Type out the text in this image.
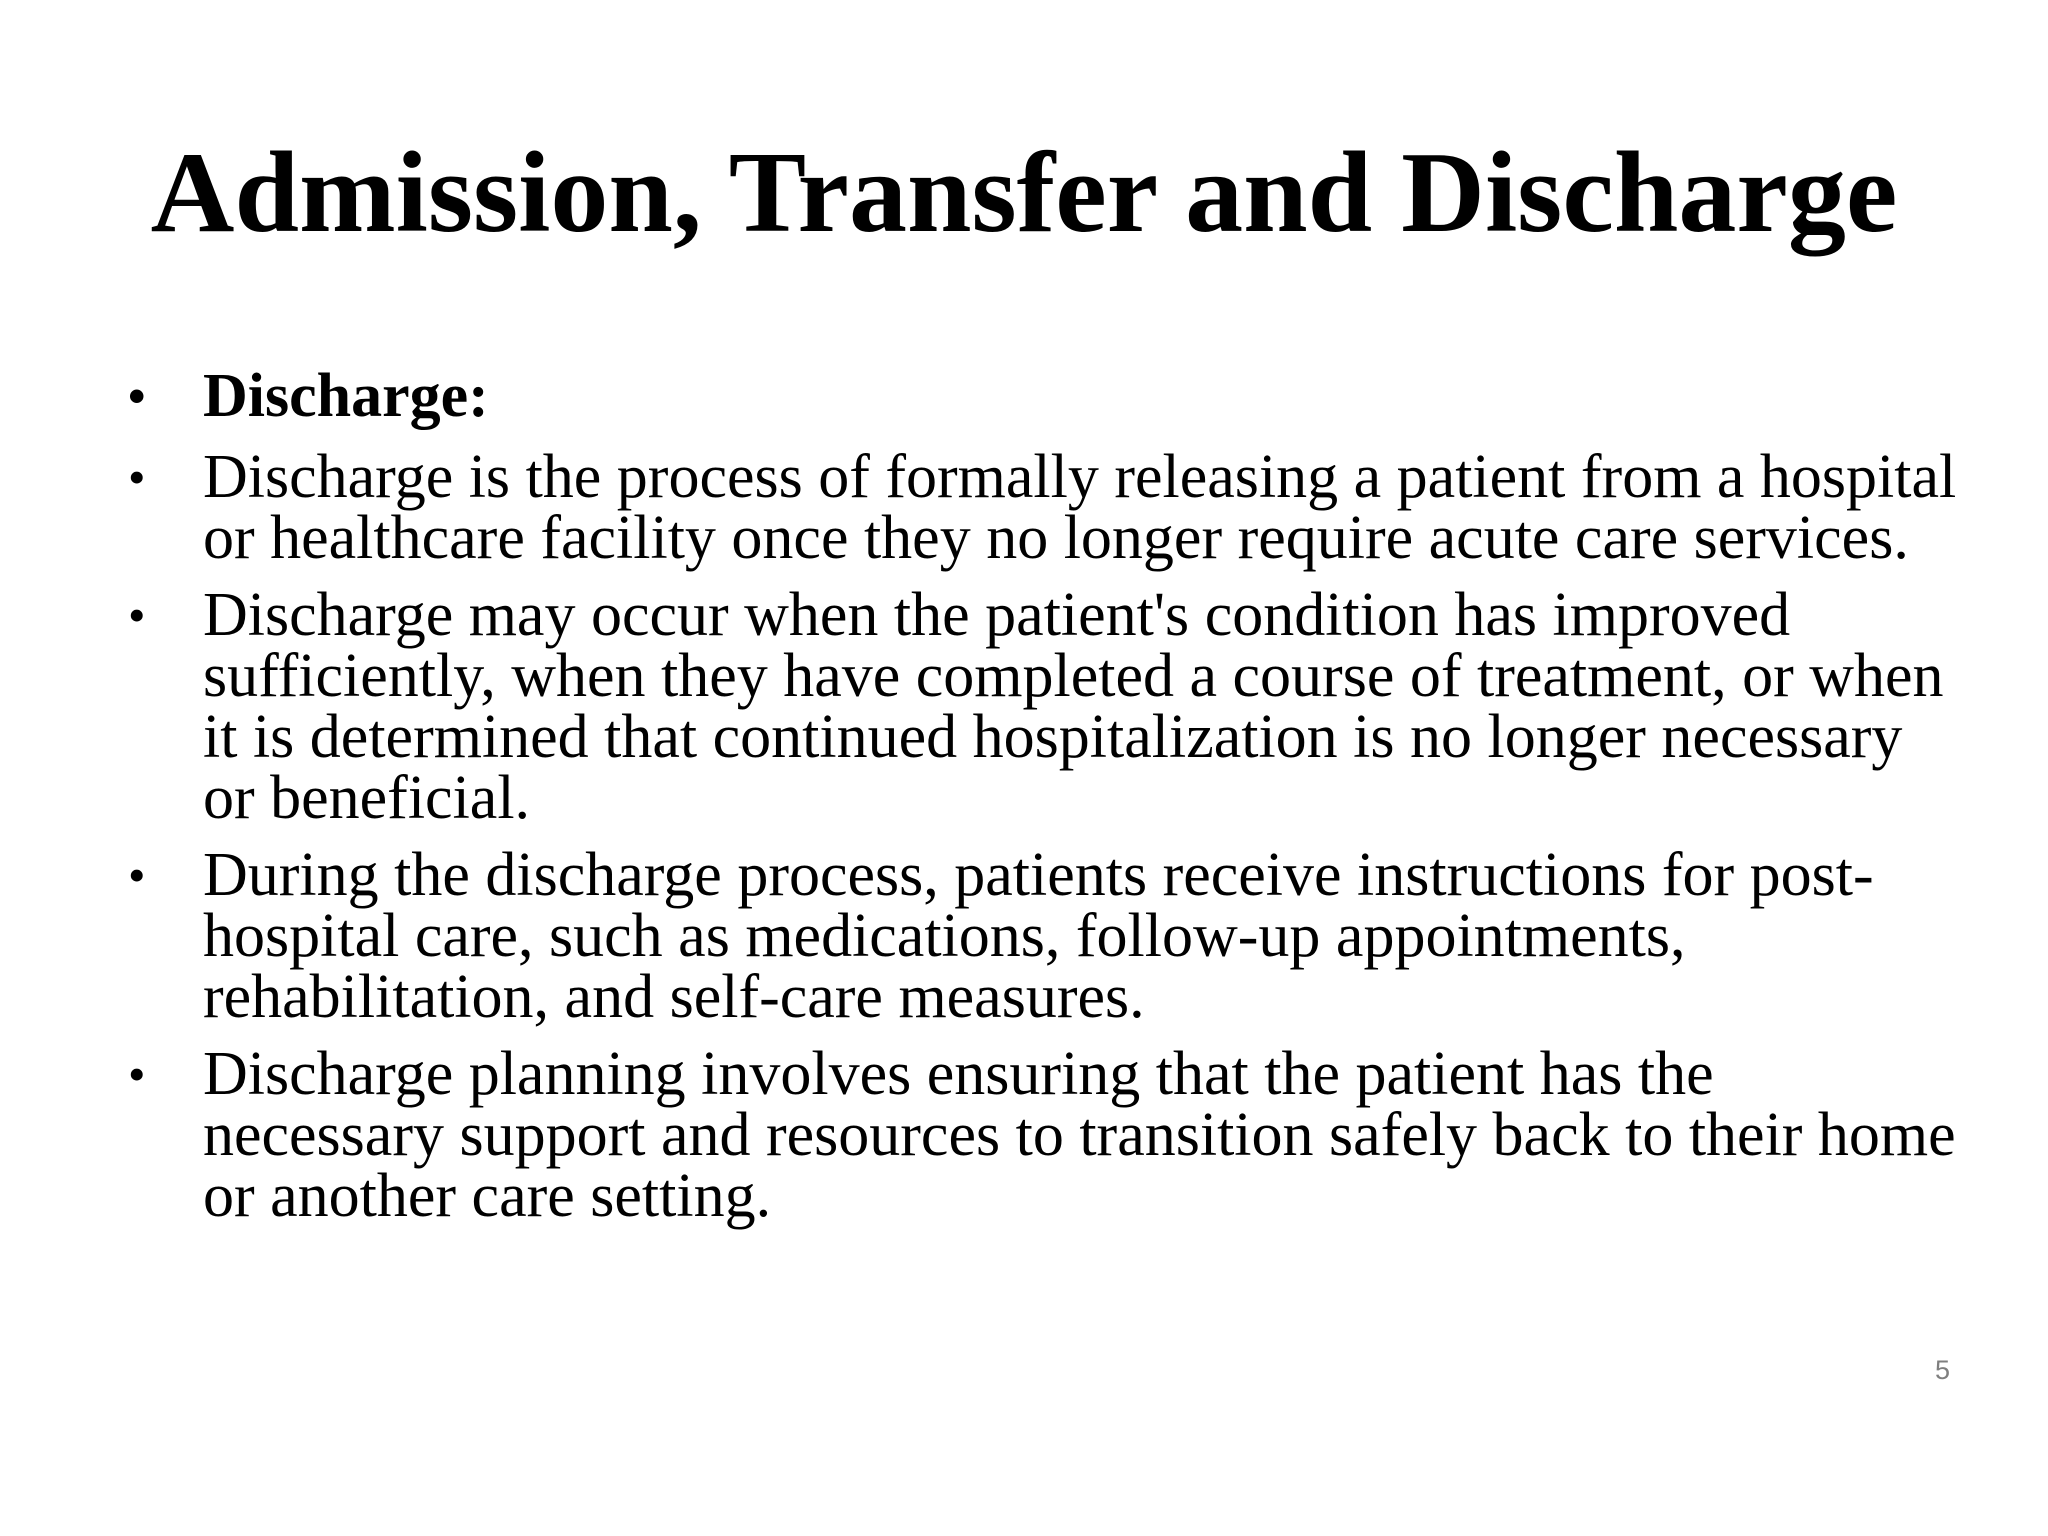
Admission, Transfer and Discharge
• Discharge:
• Discharge is the process of formally releasing a patient from a hospital or healthcare facility once they no longer require acute care services.
• Discharge may occur when the patient's condition has improved sufficiently, when they have completed a course of treatment, or when it is determined that continued hospitalization is no longer necessary or beneficial.
• During the discharge process, patients receive instructions for post-hospital care, such as medications, follow-up appointments, rehabilitation, and self-care measures.
• Discharge planning involves ensuring that the patient has the necessary support and resources to transition safely back to their home or another care setting.
5
